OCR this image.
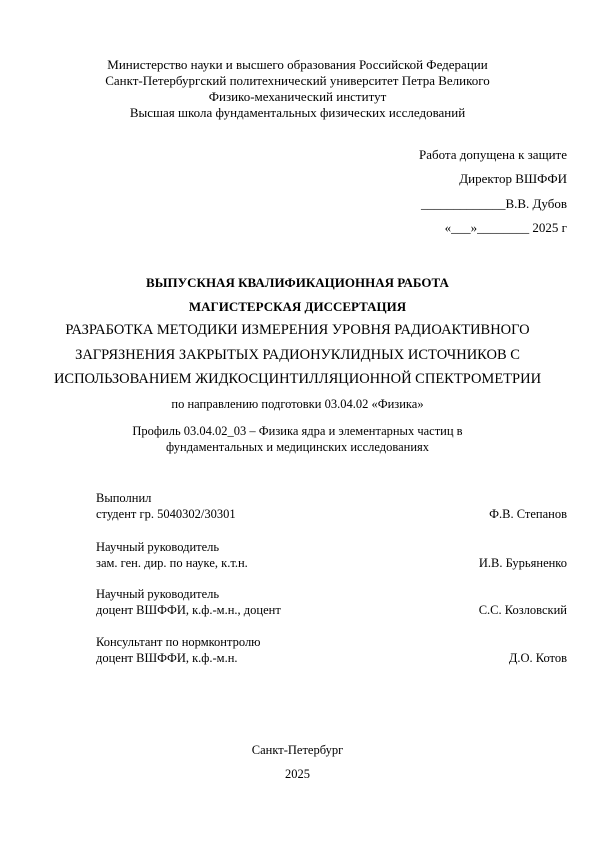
Министерство науки и высшего образования Российской Федерации
Санкт-Петербургский политехнический университет Петра Великого
Физико-механический институт
Высшая школа фундаментальных физических исследований
Работа допущена к защите
Директор ВШФФИ
_____________В.В. Дубов
«___»________ 2025 г
ВЫПУСКНАЯ КВАЛИФИКАЦИОННАЯ РАБОТА
МАГИСТЕРСКАЯ ДИССЕРТАЦИЯ
РАЗРАБОТКА МЕТОДИКИ ИЗМЕРЕНИЯ УРОВНЯ РАДИОАКТИВНОГО
ЗАГРЯЗНЕНИЯ ЗАКРЫТЫХ РАДИОНУКЛИДНЫХ ИСТОЧНИКОВ С
ИСПОЛЬЗОВАНИЕМ ЖИДКОСЦИНТИЛЛЯЦИОННОЙ СПЕКТРОМЕТРИИ
по направлению подготовки 03.04.02 «Физика»
Профиль 03.04.02_03 – Физика ядра и элементарных частиц в
фундаментальных и медицинских исследованиях
Выполнил
студент гр. 5040302/30301	Ф.В. Степанов
Научный руководитель
зам. ген. дир. по науке, к.т.н.	И.В. Бурьяненко
Научный руководитель
доцент ВШФФИ, к.ф.-м.н., доцент	С.С. Козловский
Консультант по нормконтролю
доцент ВШФФИ, к.ф.-м.н.	Д.О. Котов
Санкт-Петербург
2025
